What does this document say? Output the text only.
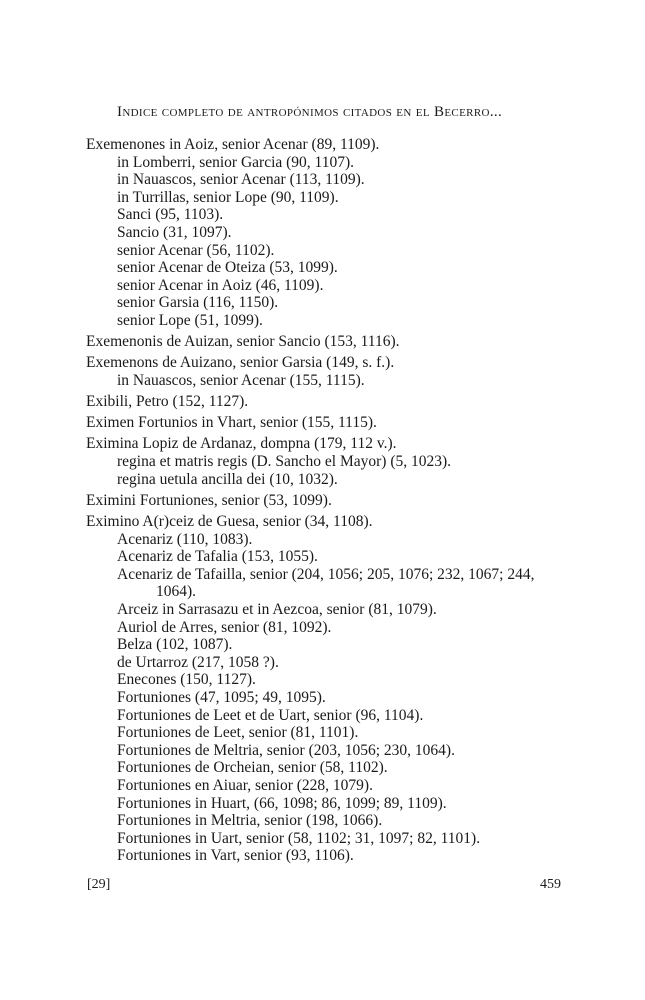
Indice completo de antropónimos citados en el Becerro...
Exemenones in Aoiz, senior Acenar (89, 1109).
in Lomberri, senior Garcia (90, 1107).
in Nauascos, senior Acenar (113, 1109).
in Turrillas, senior Lope (90, 1109).
Sanci (95, 1103).
Sancio (31, 1097).
senior Acenar (56, 1102).
senior Acenar de Oteiza (53, 1099).
senior Acenar in Aoiz (46, 1109).
senior Garsia (116, 1150).
senior Lope (51, 1099).
Exemenonis de Auizan, senior Sancio (153, 1116).
Exemenons de Auizano, senior Garsia (149, s. f.).
in Nauascos, senior Acenar (155, 1115).
Exibili, Petro (152, 1127).
Eximen Fortunios in Vhart, senior (155, 1115).
Eximina Lopiz de Ardanaz, dompna (179, 112 v.).
regina et matris regis (D. Sancho el Mayor) (5, 1023).
regina uetula ancilla dei (10, 1032).
Eximini Fortuniones, senior (53, 1099).
Eximino A(r)ceiz de Guesa, senior (34, 1108).
Acenariz (110, 1083).
Acenariz de Tafalia (153, 1055).
Acenariz de Tafailla, senior (204, 1056; 205, 1076; 232, 1067; 244,
1064).
Arceiz in Sarrasazu et in Aezcoa, senior (81, 1079).
Auriol de Arres, senior (81, 1092).
Belza (102, 1087).
de Urtarroz (217, 1058 ?).
Enecones (150, 1127).
Fortuniones (47, 1095; 49, 1095).
Fortuniones de Leet et de Uart, senior (96, 1104).
Fortuniones de Leet, senior (81, 1101).
Fortuniones de Meltria, senior (203, 1056; 230, 1064).
Fortuniones de Orcheian, senior (58, 1102).
Fortuniones en Aiuar, senior (228, 1079).
Fortuniones in Huart, (66, 1098; 86, 1099; 89, 1109).
Fortuniones in Meltria, senior (198, 1066).
Fortuniones in Uart, senior (58, 1102; 31, 1097; 82, 1101).
Fortuniones in Vart, senior (93, 1106).
[29]	459
